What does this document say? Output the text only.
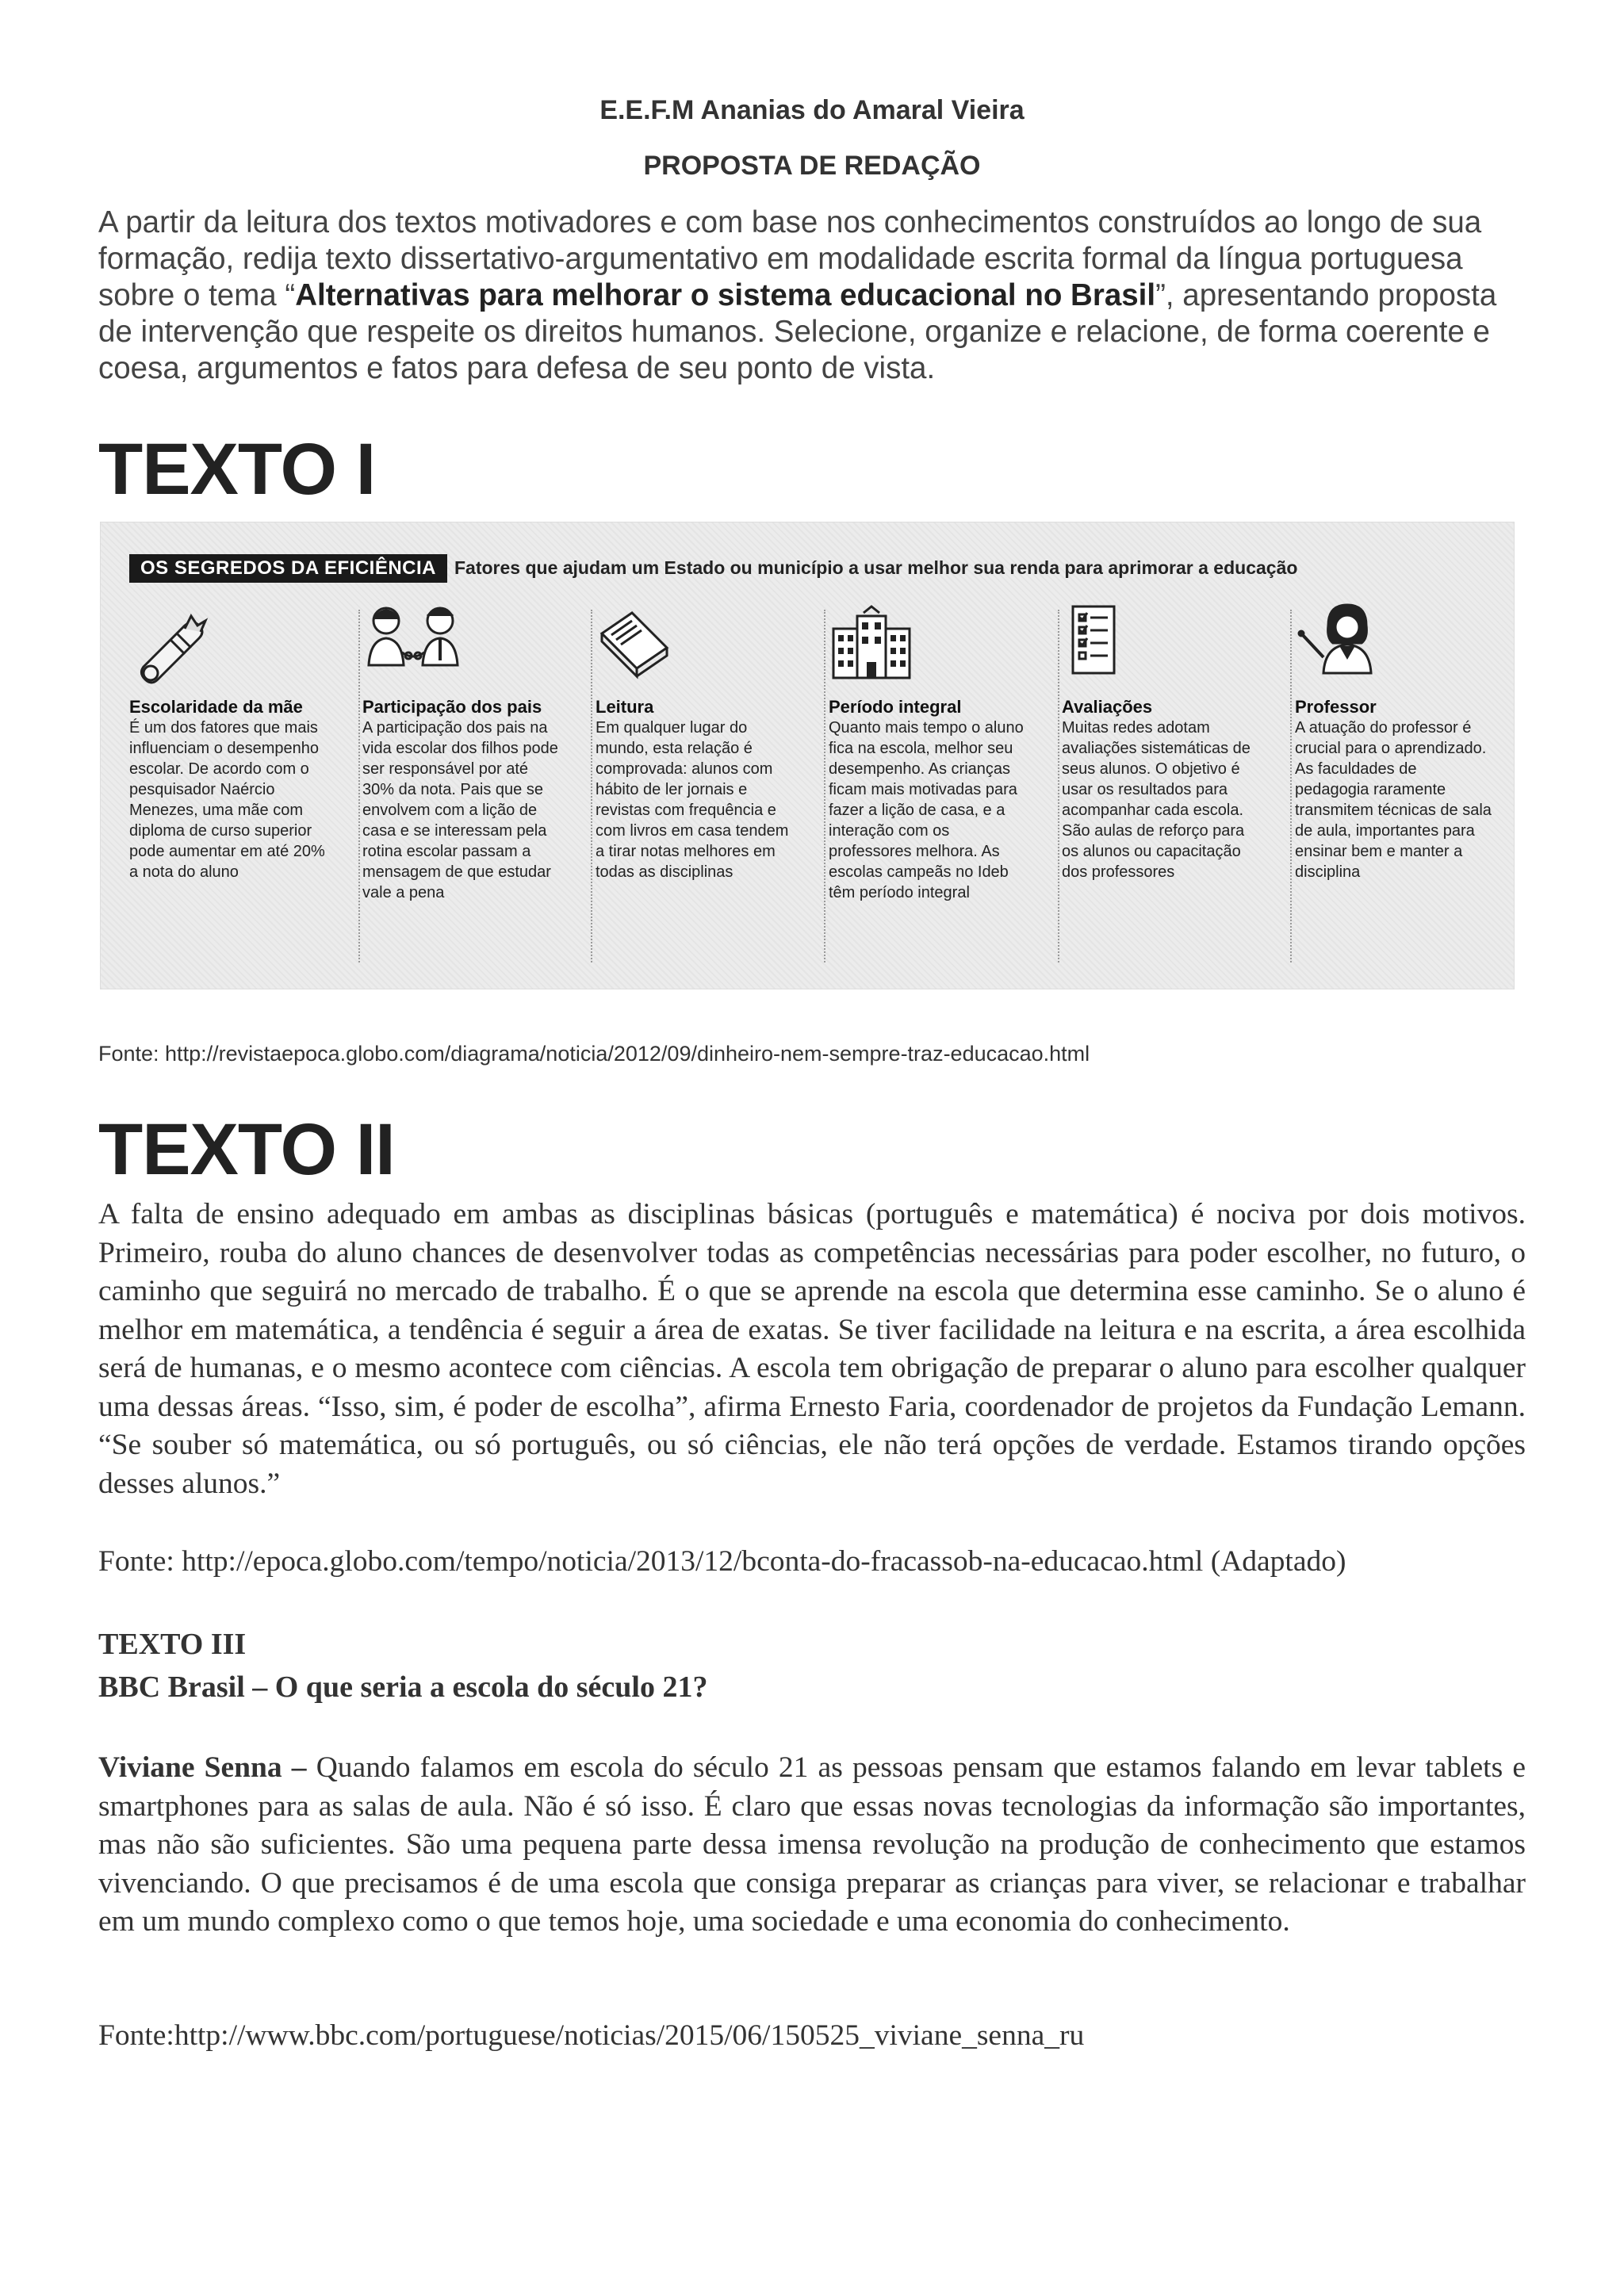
E.E.F.M Ananias do Amaral Vieira
PROPOSTA DE REDAÇÃO
A partir da leitura dos textos motivadores e com base nos conhecimentos construídos ao longo de sua formação, redija texto dissertativo-argumentativo em modalidade escrita formal da língua portuguesa sobre o tema “Alternativas para melhorar o sistema educacional no Brasil”, apresentando proposta de intervenção que respeite os direitos humanos. Selecione, organize e relacione, de forma coerente e coesa, argumentos e fatos para defesa de seu ponto de vista.
TEXTO I
OS SEGREDOS DA EFICIÊNCIA	Fatores que ajudam um Estado ou município a usar melhor sua renda para aprimorar a educação
Escolaridade da mãe
É um dos fatores que mais influenciam o desempenho escolar. De acordo com o pesquisador Naércio Menezes, uma mãe com diploma de curso superior pode aumentar em até 20% a nota do aluno
Participação dos pais
A participação dos pais na vida escolar dos filhos pode ser responsável por até 30% da nota. Pais que se envolvem com a lição de casa e se interessam pela rotina escolar passam a mensagem de que estudar vale a pena
Leitura
Em qualquer lugar do mundo, esta relação é comprovada: alunos com hábito de ler jornais e revistas com frequência e com livros em casa tendem a tirar notas melhores em todas as disciplinas
Período integral
Quanto mais tempo o aluno fica na escola, melhor seu desempenho. As crianças ficam mais motivadas para fazer a lição de casa, e a interação com os professores melhora. As escolas campeãs no Ideb têm período integral
Avaliações
Muitas redes adotam avaliações sistemáticas de seus alunos. O objetivo é usar os resultados para acompanhar cada escola. São aulas de reforço para os alunos ou capacitação dos professores
Professor
A atuação do professor é crucial para o aprendizado. As faculdades de pedagogia raramente transmitem técnicas de sala de aula, importantes para ensinar bem e manter a disciplina
Fonte: http://revistaepoca.globo.com/diagrama/noticia/2012/09/dinheiro-nem-sempre-traz-educacao.html
TEXTO II
A falta de ensino adequado em ambas as disciplinas básicas (português e matemática) é nociva por dois motivos. Primeiro, rouba do aluno chances de desenvolver todas as competências necessárias para poder escolher, no futuro, o caminho que seguirá no mercado de trabalho. É o que se aprende na escola que determina esse caminho. Se o aluno é melhor em matemática, a tendência é seguir a área de exatas. Se tiver facilidade na leitura e na escrita, a área escolhida será de humanas, e o mesmo acontece com ciências. A escola tem obrigação de preparar o aluno para escolher qualquer uma dessas áreas. “Isso, sim, é poder de escolha”, afirma Ernesto Faria, coordenador de projetos da Fundação Lemann. “Se souber só matemática, ou só português, ou só ciências, ele não terá opções de verdade. Estamos tirando opções desses alunos.”
Fonte: http://epoca.globo.com/tempo/noticia/2013/12/bconta-do-fracassob-na-educacao.html (Adaptado)
TEXTO III
BBC Brasil – O que seria a escola do século 21?
Viviane Senna – Quando falamos em escola do século 21 as pessoas pensam que estamos falando em levar tablets e smartphones para as salas de aula. Não é só isso. É claro que essas novas tecnologias da informação são importantes, mas não são suficientes. São uma pequena parte dessa imensa revolução na produção de conhecimento que estamos vivenciando. O que precisamos é de uma escola que consiga preparar as crianças para viver, se relacionar e trabalhar em um mundo complexo como o que temos hoje, uma sociedade e uma economia do conhecimento.
Fonte:http://www.bbc.com/portuguese/noticias/2015/06/150525_viviane_senna_ru
